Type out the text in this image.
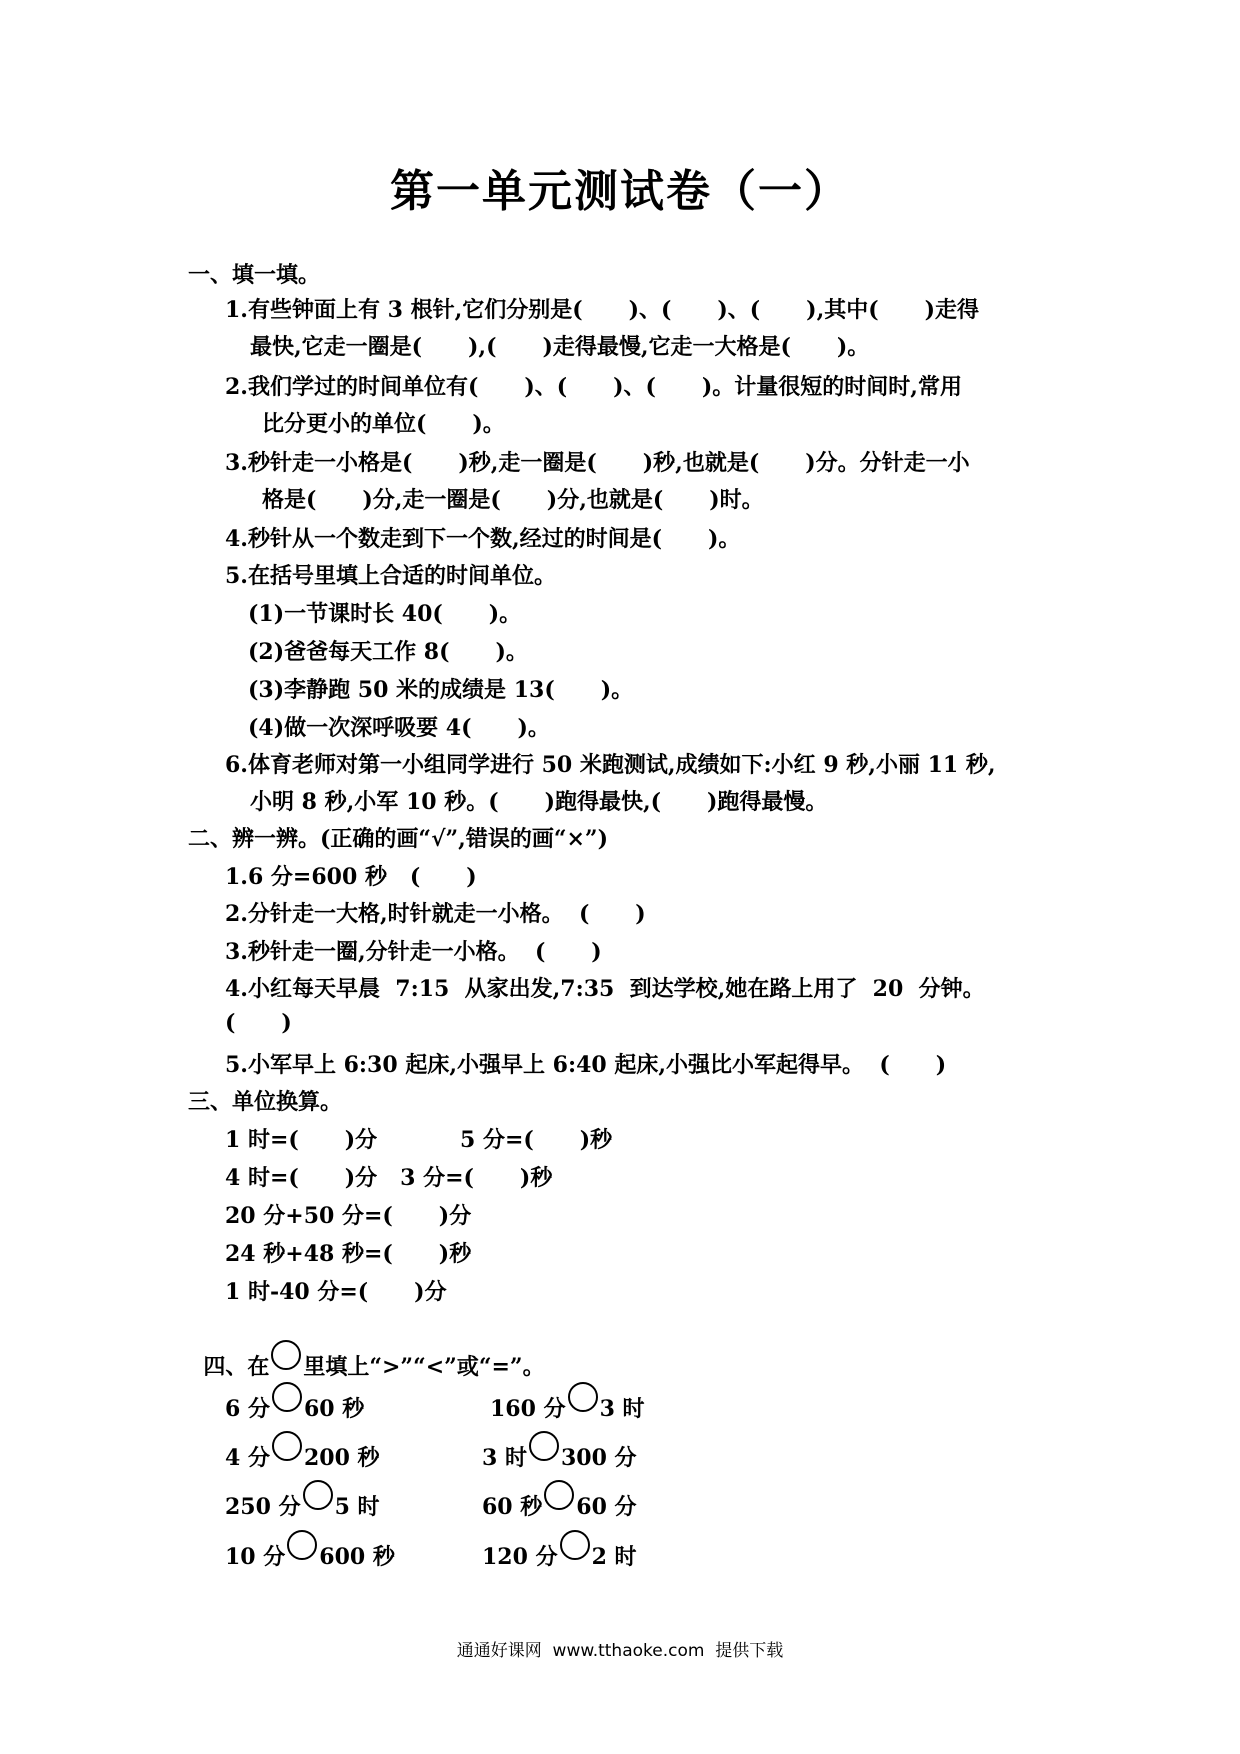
第一单元测试卷（一）
一、填一填。
1.有些钟面上有 3 根针,它们分别是(      )、(      )、(      ),其中(      )走得
最快,它走一圈是(      ),(      )走得最慢,它走一大格是(      )。
2.我们学过的时间单位有(      )、(      )、(      )。计量很短的时间时,常用
比分更小的单位(      )。
3.秒针走一小格是(      )秒,走一圈是(      )秒,也就是(      )分。分针走一小
格是(      )分,走一圈是(      )分,也就是(      )时。
4.秒针从一个数走到下一个数,经过的时间是(      )。
5.在括号里填上合适的时间单位。
(1)一节课时长 40(      )。
(2)爸爸每天工作 8(      )。
(3)李静跑 50 米的成绩是 13(      )。
(4)做一次深呼吸要 4(      )。
6.体育老师对第一小组同学进行 50 米跑测试,成绩如下:小红 9 秒,小丽 11 秒,
小明 8 秒,小军 10 秒。(      )跑得最快,(      )跑得最慢。
二、辨一辨。(正确的画“√”,错误的画“×”)
1.6 分=600 秒   (      )
2.分针走一大格,时针就走一小格。  (      )
3.秒针走一圈,分针走一小格。  (      )
4.小红每天早晨  7:15  从家出发,7:35  到达学校,她在路上用了  20  分钟。
(      )
5.小军早上 6:30 起床,小强早上 6:40 起床,小强比小军起得早。  (      )
三、单位换算。
1 时=(      )分	5 分=(      )秒
4 时=(      )分   3 分=(      )秒
20 分+50 分=(      )分
24 秒+48 秒=(      )秒
1 时-40 分=(      )分

四、在 里填上“>”“<”或“=”。

6 分 60 秒	160 分 3 时
4 分 200 秒	3 时 300 分
250 分 5 时	60 秒 60 分
10 分 600 秒	120 分 2 时
通通好课网  www.tthaoke.com  提供下载
